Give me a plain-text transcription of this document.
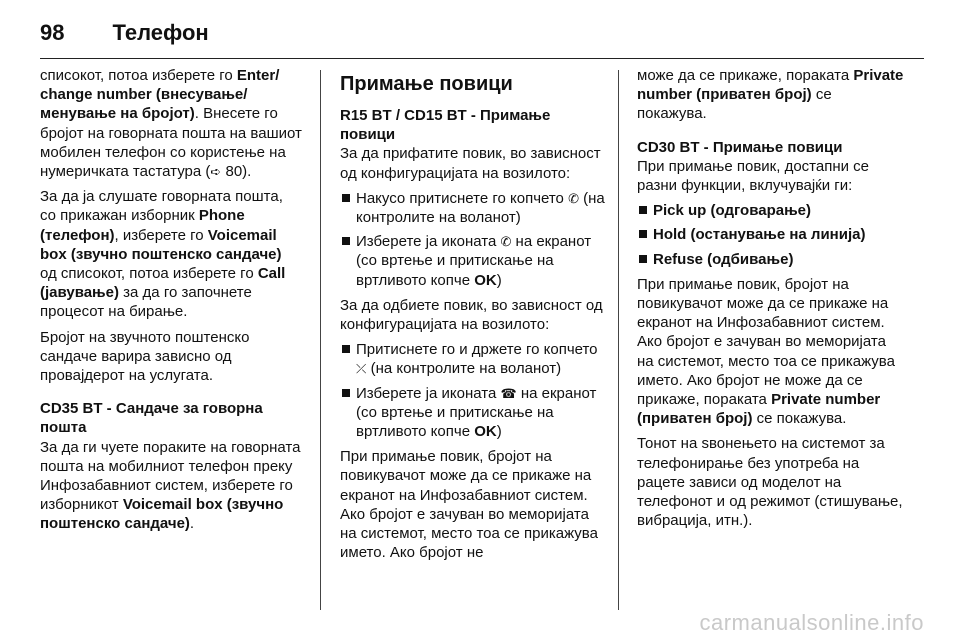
98 Телефон

списокот, потоа изберете го Enter/ change number (внесување/ менување на бројот). Внесете го бројот на говорната пошта на вашиот мобилен телефон со користење на нумеричката тастатура (➪ 80).

За да ја слушате говорната пошта, со прикажан изборник Phone (телефон), изберете го Voicemail box (звучно поштенско сандаче) од списокот, потоа изберете го Call (јавување) за да го започнете процесот на бирање.

Бројот на звучното поштенско сандаче варира зависно од провајдерот на услугата.

CD35 BT - Сандаче за говорна пошта

За да ги чуете пораките на говорната пошта на мобилниот телефон преку Инфозабавниот систем, изберете го изборникот Voicemail box (звучно поштенско сандаче).

Примање повици
R15 BT / CD15 BT - Примање повици

За да прифатите повик, во зависност од конфигурацијата на возилото:

Накусо притиснете го копчето ✆ (на контролите на воланот)
Изберете ја иконата ✆ на екранот (со вртење и притискање на вртливото копче OK)

За да одбиете повик, во зависност од конфигурацијата на возилото:

Притиснете го и држете го копчето ⤫ (на контролите на воланот)
Изберете ја иконата ☎ на екранот (со вртење и притискање на вртливото копче OK)

При примање повик, бројот на повикувачот може да се прикаже на екранот на Инфозабавниот систем. Ако бројот е зачуван во меморијата на системот, место тоа се прикажува името. Ако бројот не

може да се прикаже, пораката Private number (приватен број) се покажува.

CD30 BT - Примање повици

При примање повик, достапни се разни функции, вклучувајќи ги:

Pick up (одговарање)
Hold (останување на линија)
Refuse (одбивање)

При примање повик, бројот на повикувачот може да се прикаже на екранот на Инфозабавниот систем. Ако бројот е зачуван во меморијата на системот, место тоа се прикажува името. Ако бројот не може да се прикаже, пораката Private number (приватен број) се покажува.

Тонот на ѕвонењето на системот за телефонирање без употреба на рацете зависи од моделот на телефонот и од режимот (стишување, вибрација, итн.).

carmanualsonline.info
